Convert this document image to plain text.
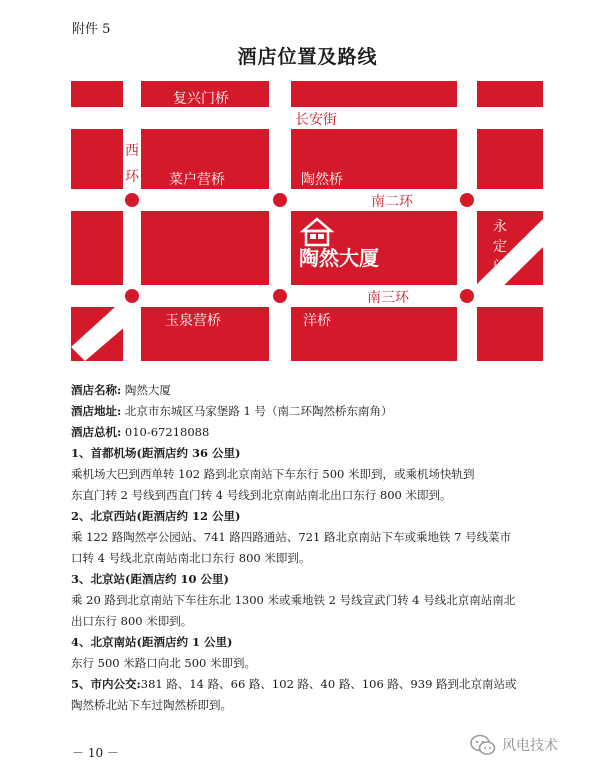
附件 5
酒店位置及路线
复兴门桥
长安街
西
环 菜户营桥	陶然桥
南二环
陶然大厦
永
定
门
桥
南三环
玉泉营桥	洋桥
酒店名称: 陶然大厦
酒店地址: 北京市东城区马家堡路 1 号（南二环陶然桥东南角）
酒店总机: 010-67218088
1、首都机场(距酒店约 36 公里)
乘机场大巴到西单转 102 路到北京南站下车东行 500 米即到，或乘机场快轨到
东直门转 2 号线到西直门转 4 号线到北京南站南北出口东行 800 米即到。
2、北京西站(距酒店约 12 公里)
乘 122 路陶然亭公园站、741 路四路通站、721 路北京南站下车或乘地铁 7 号线菜市
口转 4 号线北京南站南北口东行 800 米即到。
3、北京站(距酒店约 10 公里)
乘 20 路到北京南站下车往东北 1300 米或乘地铁 2 号线宣武门转 4 号线北京南站南北
出口东行 800 米即到。
4、北京南站(距酒店约 1 公里)
东行 500 米路口向北 500 米即到。
5、市内公交:381 路、14 路、66 路、102 路、40 路、106 路、939 路到北京南站或
陶然桥北站下车过陶然桥即到。
－ 10 －	风电技术
